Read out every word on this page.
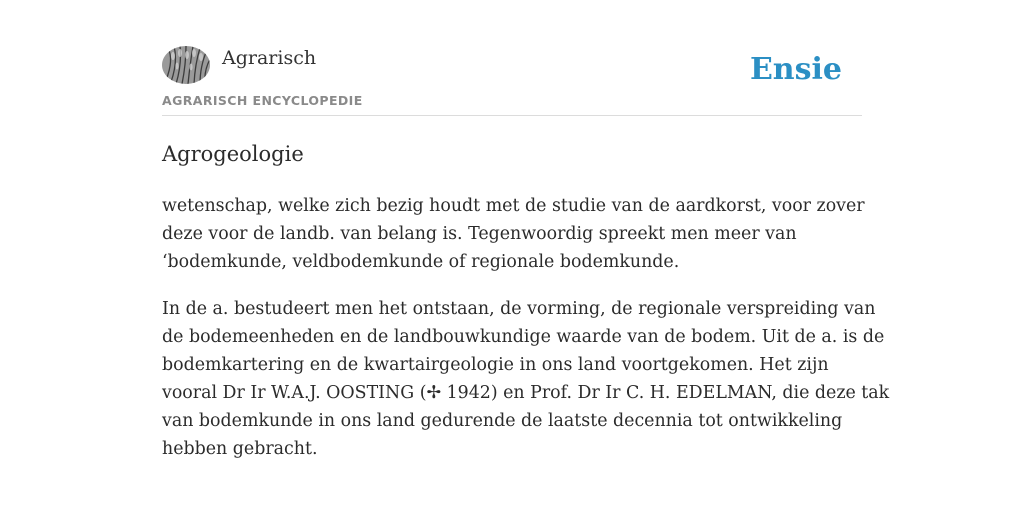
Agrarisch
AGRARISCH ENCYCLOPEDIE
Ensie
Agrogeologie

wetenschap, welke zich bezig houdt met de studie van de aardkorst, voor zover
deze voor de landb. van belang is. Tegenwoordig spreekt men meer van
‘bodemkunde, veldbodemkunde of regionale bodemkunde.

In de a. bestudeert men het ontstaan, de vorming, de regionale verspreiding van
de bodemeenheden en de landbouwkundige waarde van de bodem. Uit de a. is de
bodemkartering en de kwartairgeologie in ons land voortgekomen. Het zijn
vooral Dr Ir W.A.J. OOSTING (✢ 1942) en Prof. Dr Ir C. H. EDELMAN, die deze tak
van bodemkunde in ons land gedurende de laatste decennia tot ontwikkeling
hebben gebracht.
